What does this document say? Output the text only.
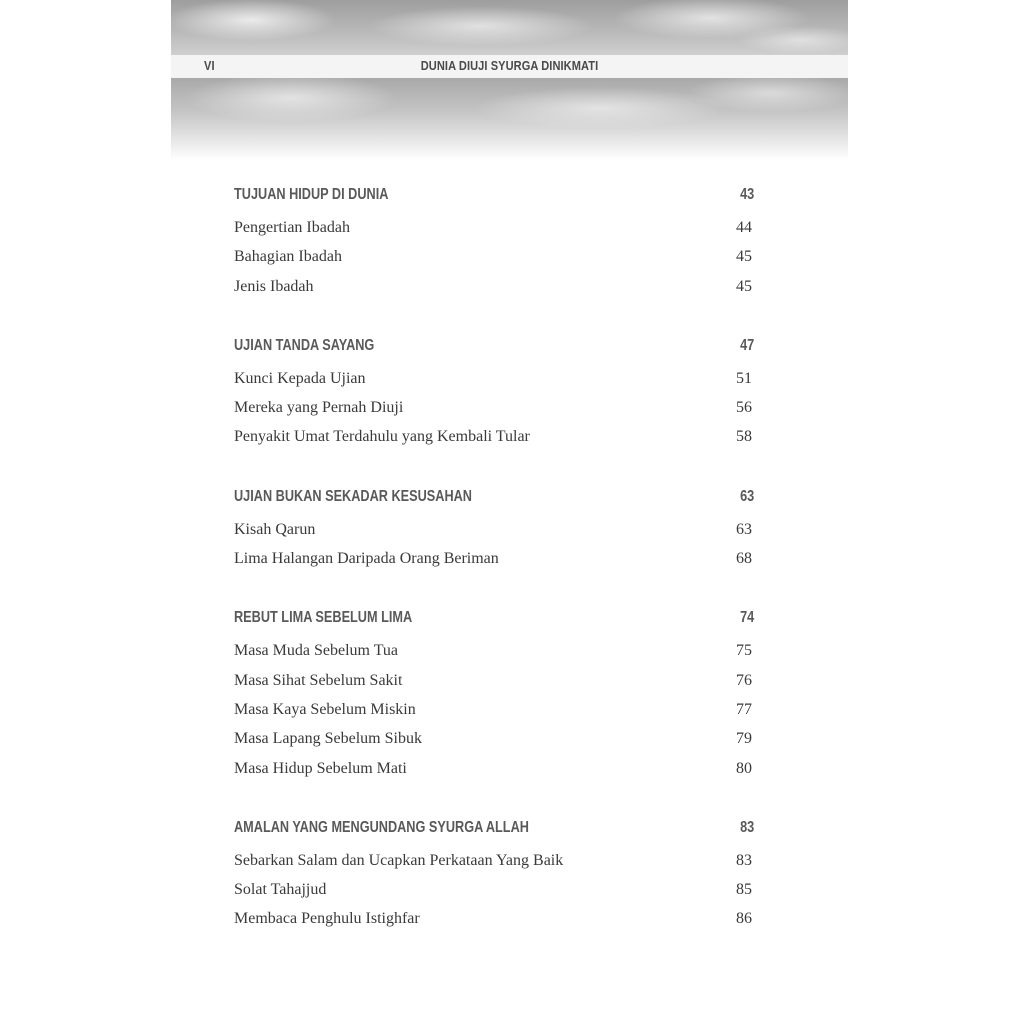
VI	DUNIA DIUJI SYURGA DINIKMATI
TUJUAN HIDUP DI DUNIA	43
Pengertian Ibadah	44
Bahagian Ibadah	45
Jenis Ibadah	45
UJIAN TANDA SAYANG	47
Kunci Kepada Ujian	51
Mereka yang Pernah Diuji	56
Penyakit Umat Terdahulu yang Kembali Tular	58
UJIAN BUKAN SEKADAR KESUSAHAN	63
Kisah Qarun	63
Lima Halangan Daripada Orang Beriman	68
REBUT LIMA SEBELUM LIMA	74
Masa Muda Sebelum Tua	75
Masa Sihat Sebelum Sakit	76
Masa Kaya Sebelum Miskin	77
Masa Lapang Sebelum Sibuk	79
Masa Hidup Sebelum Mati	80
AMALAN YANG MENGUNDANG SYURGA ALLAH	83
Sebarkan Salam dan Ucapkan Perkataan Yang Baik	83
Solat Tahajjud	85
Membaca Penghulu Istighfar	86
